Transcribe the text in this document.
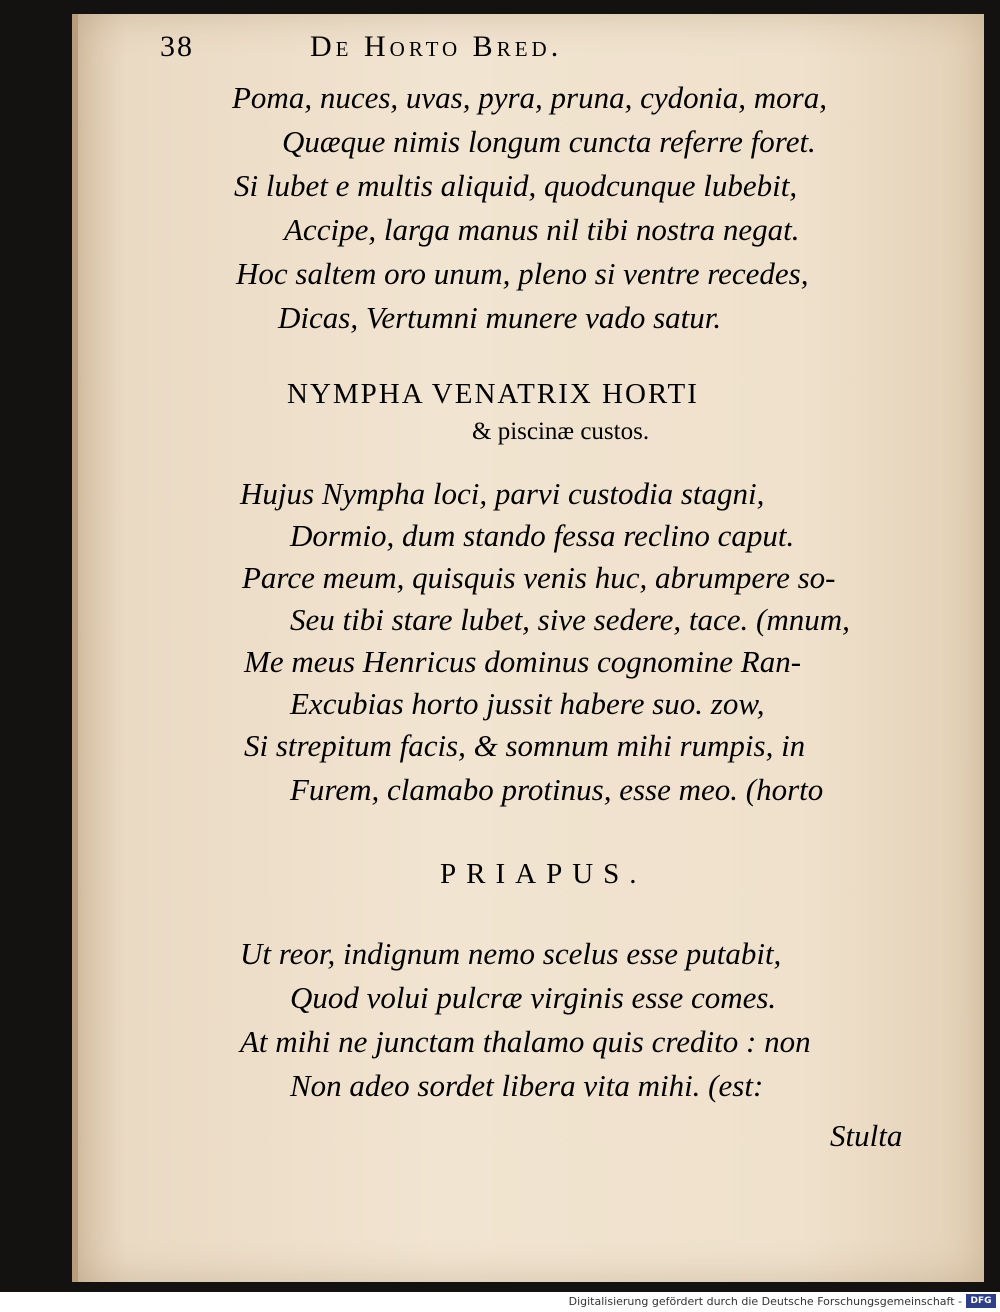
38	De Horto Bred.
Poma, nuces, uvas, pyra, pruna, cydonia, mora,
Quæque nimis longum cuncta referre foret.
Si lubet e multis aliquid, quodcunque lubebit,
Accipe, larga manus nil tibi nostra negat.
Hoc saltem oro unum, pleno si ventre recedes,
Dicas, Vertumni munere vado satur.
NYMPHA VENATRIX HORTI
& piscinæ custos.
Hujus Nympha loci, parvi custodia stagni,
Dormio, dum stando fessa reclino caput.
Parce meum, quisquis venis huc, abrumpere so-
Seu tibi stare lubet, sive sedere, tace. (mnum,
Me meus Henricus dominus cognomine Ran-
Excubias horto jussit habere suo. zow,
Si strepitum facis, & somnum mihi rumpis, in
Furem, clamabo protinus, esse meo. (horto
PRIAPUS.
Ut reor, indignum nemo scelus esse putabit,
Quod volui pulcræ virginis esse comes.
At mihi ne junctam thalamo quis credito : non
Non adeo sordet libera vita mihi. (est:
Stulta
Digitalisierung gefördert durch die Deutsche Forschungsgemeinschaft - DFG
